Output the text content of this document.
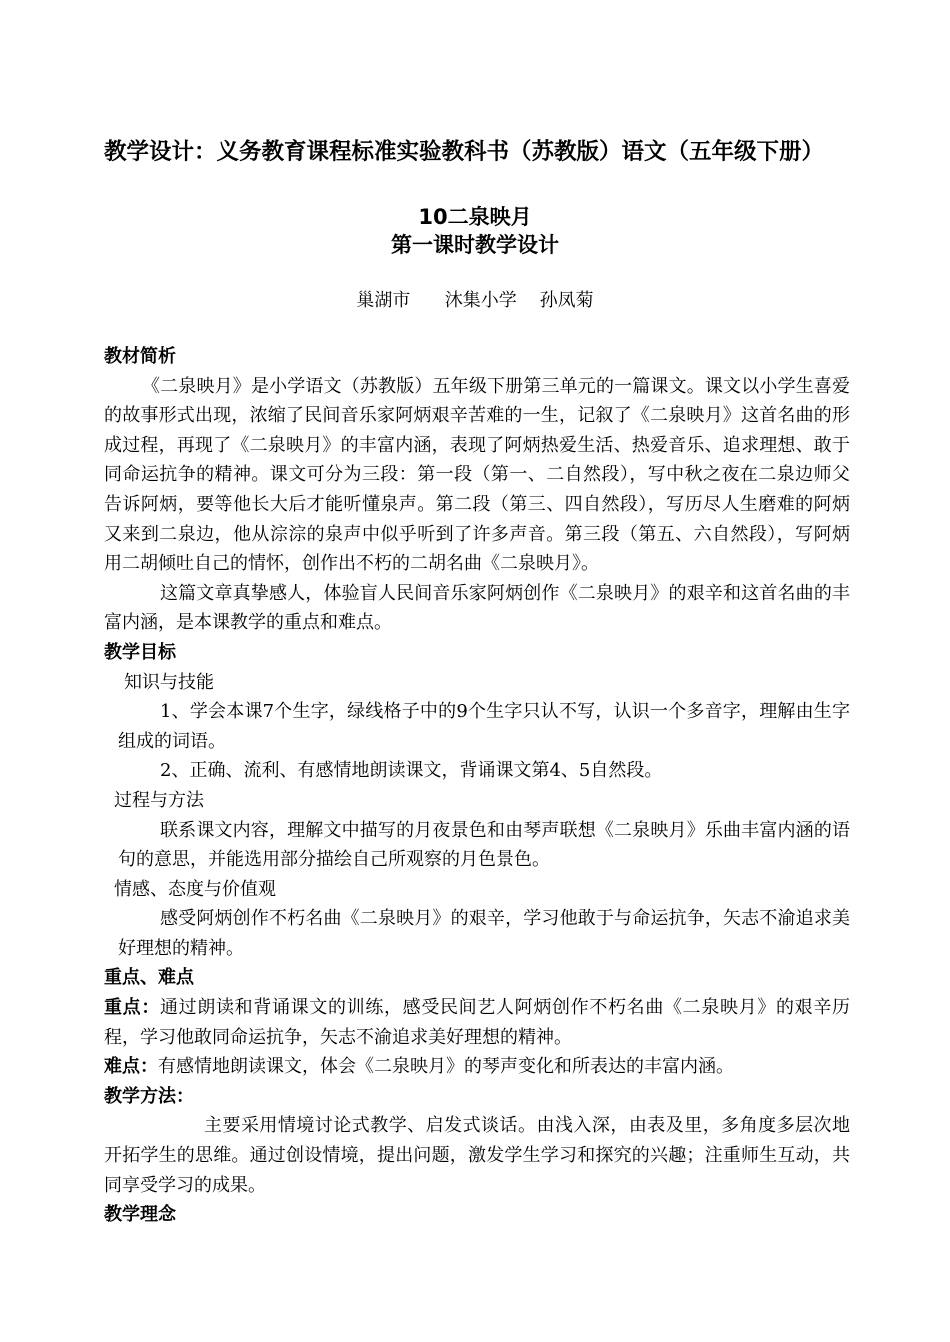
教学设计：义务教育课程标准实验教科书（苏教版）语文（五年级下册）
10二泉映月
第一课时教学设计
巢湖市      沐集小学    孙凤菊

教材简析

《二泉映月》是小学语文（苏教版）五年级下册第三单元的一篇课文。课文以小学生喜爱的故事形式出现，浓缩了民间音乐家阿炳艰辛苦难的一生，记叙了《二泉映月》这首名曲的形成过程，再现了《二泉映月》的丰富内涵，表现了阿炳热爱生活、热爱音乐、追求理想、敢于同命运抗争的精神。课文可分为三段：第一段（第一、二自然段），写中秋之夜在二泉边师父告诉阿炳，要等他长大后才能听懂泉声。第二段（第三、四自然段），写历尽人生磨难的阿炳又来到二泉边，他从淙淙的泉声中似乎听到了许多声音。第三段（第五、六自然段），写阿炳用二胡倾吐自己的情怀，创作出不朽的二胡名曲《二泉映月》。

这篇文章真挚感人，体验盲人民间音乐家阿炳创作《二泉映月》的艰辛和这首名曲的丰富内涵，是本课教学的重点和难点。

教学目标

知识与技能

1、学会本课7个生字，绿线格子中的9个生字只认不写，认识一个多音字，理解由生字组成的词语。

2、正确、流利、有感情地朗读课文，背诵课文第4、5自然段。

过程与方法

联系课文内容，理解文中描写的月夜景色和由琴声联想《二泉映月》乐曲丰富内涵的语句的意思，并能选用部分描绘自己所观察的月色景色。

情感、态度与价值观

感受阿炳创作不朽名曲《二泉映月》的艰辛，学习他敢于与命运抗争，矢志不渝追求美好理想的精神。

重点、难点

重点：通过朗读和背诵课文的训练，感受民间艺人阿炳创作不朽名曲《二泉映月》的艰辛历程，学习他敢同命运抗争，矢志不渝追求美好理想的精神。

难点：有感情地朗读课文，体会《二泉映月》的琴声变化和所表达的丰富内涵。

教学方法：

主要采用情境讨论式教学、启发式谈话。由浅入深，由表及里，多角度多层次地开拓学生的思维。通过创设情境，提出问题，激发学生学习和探究的兴趣；注重师生互动，共同享受学习的成果。

教学理念
